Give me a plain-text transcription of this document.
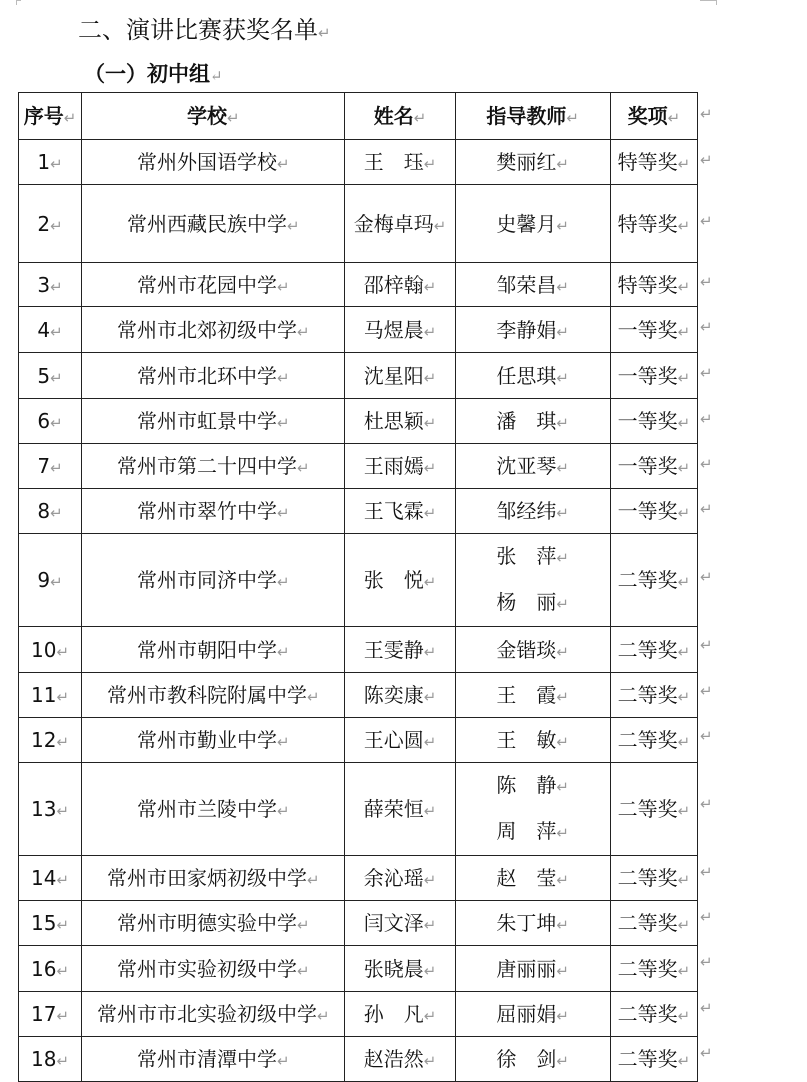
二、演讲比赛获奖名单↵
（一）初中组↵
序号↵	学校↵	姓名↵	指导教师↵	奖项↵
1↵	常州外国语学校↵	王　珏↵	樊丽红↵	特等奖↵
2↵	常州西藏民族中学↵	金梅卓玛↵	史馨月↵	特等奖↵
3↵	常州市花园中学↵	邵梓翰↵	邹荣昌↵	特等奖↵
4↵	常州市北郊初级中学↵	马煜晨↵	李静娟↵	一等奖↵
5↵	常州市北环中学↵	沈星阳↵	任思琪↵	一等奖↵
6↵	常州市虹景中学↵	杜思颖↵	潘　琪↵	一等奖↵
7↵	常州市第二十四中学↵	王雨嫣↵	沈亚琴↵	一等奖↵
8↵	常州市翠竹中学↵	王飞霖↵	邹经纬↵	一等奖↵
9↵	常州市同济中学↵	张　悦↵	张　萍↵
杨　丽↵	二等奖↵
10↵	常州市朝阳中学↵	王雯静↵	金锴琰↵	二等奖↵
11↵	常州市教科院附属中学↵	陈奕康↵	王　霞↵	二等奖↵
12↵	常州市勤业中学↵	王心圆↵	王　敏↵	二等奖↵
13↵	常州市兰陵中学↵	薛荣恒↵	陈　静↵
周　萍↵	二等奖↵
14↵	常州市田家炳初级中学↵	余沁瑶↵	赵　莹↵	二等奖↵
15↵	常州市明德实验中学↵	闫文泽↵	朱丁坤↵	二等奖↵
16↵	常州市实验初级中学↵	张晓晨↵	唐丽丽↵	二等奖↵
17↵	常州市市北实验初级中学↵	孙　凡↵	屈丽娟↵	二等奖↵
18↵	常州市清潭中学↵	赵浩然↵	徐　剑↵	二等奖↵
↵
↵
↵
↵
↵
↵
↵
↵
↵
↵
↵
↵
↵
↵
↵
↵
↵
↵
↵
